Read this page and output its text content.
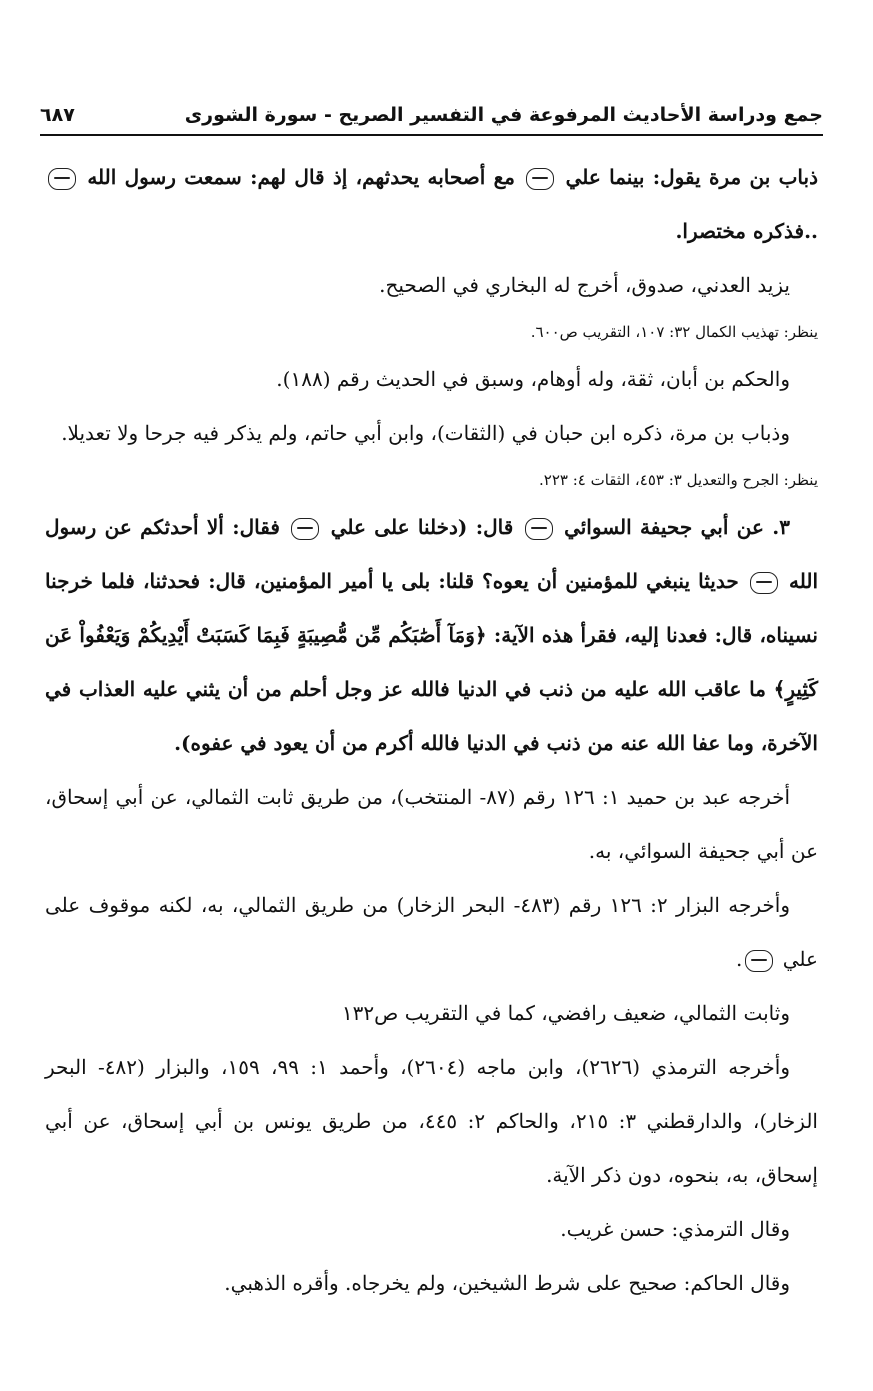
جمع ودراسة الأحاديث المرفوعة في التفسير الصريح - سورة الشورى
٦٨٧

ذباب بن مرة يقول: بينما علي  مع أصحابه يحدثهم، إذ قال لهم: سمعت رسول الله ..فذكره مختصرا.

يزيد العدني، صدوق، أخرج له البخاري في الصحيح.

ينظر: تهذيب الكمال ٣٢: ١٠٧، التقريب ص٦٠٠.

والحكم بن أبان، ثقة، وله أوهام، وسبق في الحديث رقم (١٨٨).

وذباب بن مرة، ذكره ابن حبان في (الثقات)، وابن أبي حاتم، ولم يذكر فيه جرحا ولا تعديلا.

ينظر: الجرح والتعديل ٣: ٤٥٣، الثقات ٤: ٢٢٣.

٣. عن أبي جحيفة السوائي  قال: (دخلنا على علي  فقال: ألا أحدثكم عن رسول الله  حديثا ينبغي للمؤمنين أن يعوه؟ قلنا: بلى يا أمير المؤمنين، قال: فحدثنا، فلما خرجنا نسيناه، قال: فعدنا إليه، فقرأ هذه الآية: ﴿وَمَآ أَصَٰبَكُم مِّن مُّصِيبَةٍ فَبِمَا كَسَبَتْ أَيْدِيكُمْ وَيَعْفُواْ عَن كَثِيرٍ﴾ ما عاقب الله عليه من ذنب في الدنيا فالله عز وجل أحلم من أن يثني عليه العذاب في الآخرة، وما عفا الله عنه من ذنب في الدنيا فالله أكرم من أن يعود في عفوه).

أخرجه عبد بن حميد ١: ١٢٦ رقم (٨٧- المنتخب)، من طريق ثابت الثمالي، عن أبي إسحاق، عن أبي جحيفة السوائي، به.

وأخرجه البزار ٢: ١٢٦ رقم (٤٨٣- البحر الزخار) من طريق الثمالي، به، لكنه موقوف على علي .

وثابت الثمالي، ضعيف رافضي، كما في التقريب ص١٣٢

وأخرجه الترمذي (٢٦٢٦)، وابن ماجه (٢٦٠٤)، وأحمد ١: ٩٩، ١٥٩، والبزار (٤٨٢- البحر الزخار)، والدارقطني ٣: ٢١٥، والحاكم ٢: ٤٤٥، من طريق يونس بن أبي إسحاق، عن أبي إسحاق، به، بنحوه، دون ذكر الآية.

وقال الترمذي: حسن غريب.

وقال الحاكم: صحيح على شرط الشيخين، ولم يخرجاه. وأقره الذهبي.
